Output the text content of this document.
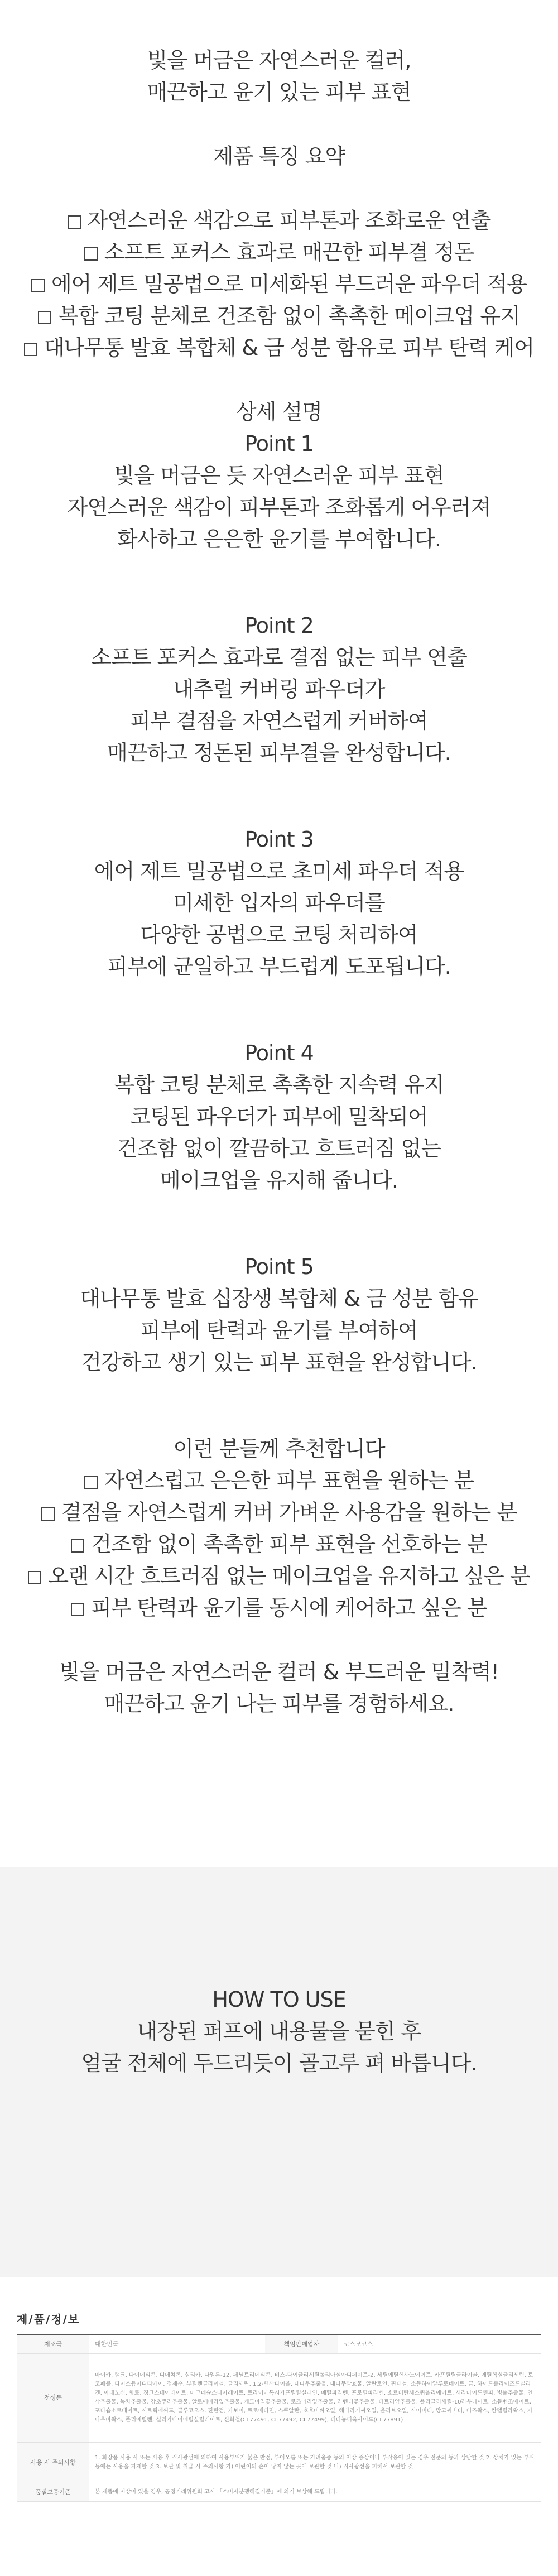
빛을 머금은 자연스러운 컬러,
매끈하고 윤기 있는 피부 표현
제품 특징 요약
자연스러운 색감으로 피부톤과 조화로운 연출
소프트 포커스 효과로 매끈한 피부결 정돈
에어 제트 밀공법으로 미세화된 부드러운 파우더 적용
복합 코팅 분체로 건조함 없이 촉촉한 메이크업 유지
대나무통 발효 복합체 & 금 성분 함유로 피부 탄력 케어
상세 설명
Point 1
빛을 머금은 듯 자연스러운 피부 표현
자연스러운 색감이 피부톤과 조화롭게 어우러져
화사하고 은은한 윤기를 부여합니다.
Point 2
소프트 포커스 효과로 결점 없는 피부 연출
내추럴 커버링 파우더가
피부 결점을 자연스럽게 커버하여
매끈하고 정돈된 피부결을 완성합니다.
Point 3
에어 제트 밀공법으로 초미세 파우더 적용
미세한 입자의 파우더를
다양한 공법으로 코팅 처리하여
피부에 균일하고 부드럽게 도포됩니다.
Point 4
복합 코팅 분체로 촉촉한 지속력 유지
코팅된 파우더가 피부에 밀착되어
건조함 없이 깔끔하고 흐트러짐 없는
메이크업을 유지해 줍니다.
Point 5
대나무통 발효 십장생 복합체 & 금 성분 함유
피부에 탄력과 윤기를 부여하여
건강하고 생기 있는 피부 표현을 완성합니다.
이런 분들께 추천합니다
자연스럽고 은은한 피부 표현을 원하는 분
결점을 자연스럽게 커버 가벼운 사용감을 원하는 분
건조함 없이 촉촉한 피부 표현을 선호하는 분
오랜 시간 흐트러짐 없는 메이크업을 유지하고 싶은 분
피부 탄력과 윤기를 동시에 케어하고 싶은 분
빛을 머금은 자연스러운 컬러 & 부드러운 밀착력!
매끈하고 윤기 나는 피부를 경험하세요.
HOW TO USE
내장된 퍼프에 내용물을 묻힌 후
얼굴 전체에 두드리듯이 골고루 펴 바릅니다.
제/품/정/보
제조국	대한민국	책임판매업자	코스모코스
전성분	마이카, 탤크, 다이메티콘, 디메치콘, 실리카, 나일론-12, 페닐트리메티콘, 비스-다이글리세릴폴리아실아디페이트-2, 세틸에틸헥사노에이트, 카프릴릴글라이콜, 에틸헥실글리세린, 토코페롤, 다이소듐이디티에이, 정제수, 부틸렌글라이콜, 글리세린, 1,2-헥산다이올, 대나무추출물, 대나무발효물, 알란토인, 판테놀, 소듐하이알루로네이트, 금, 하이드롤라이즈드콜라겐, 아데노신, 향료, 징크스테아레이트, 마그네슘스테아레이트, 트라이에톡시카프릴릴실레인, 메틸파라벤, 프로필파라벤, 소르비탄세스퀴올리에이트, 세라마이드엔피, 병풀추출물, 인삼추출물, 녹차추출물, 감초뿌리추출물, 알로에베라잎추출물, 캐모마일꽃추출물, 로즈마리잎추출물, 라벤더꽃추출물, 티트리잎추출물, 폴리글리세릴-10라우레이트, 소듐벤조에이트, 포타슘소르베이트, 시트릭애씨드, 글루코오스, 잔탄검, 카보머, 트로메타민, 스쿠알란, 호호바씨오일, 해바라기씨오일, 올리브오일, 시어버터, 망고씨버터, 비즈왁스, 칸델릴라왁스, 카나우바왁스, 폴리에틸렌, 실리카다이메틸실릴레이트, 산화철(CI 77491, CI 77492, CI 77499), 티타늄디옥사이드(CI 77891)		
사용 시 주의사항	1. 화장품 사용 시 또는 사용 후 직사광선에 의하여 사용부위가 붉은 반점, 부어오름 또는 가려움증 등의 이상 증상이나 부작용이 있는 경우 전문의 등과 상담할 것 2. 상처가 있는 부위 등에는 사용을 자제할 것 3. 보관 및 취급 시 주의사항 가) 어린이의 손이 닿지 않는 곳에 보관할 것 나) 직사광선을 피해서 보관할 것		
품질보증기준	본 제품에 이상이 있을 경우, 공정거래위원회 고시 「소비자분쟁해결기준」에 의거 보상해 드립니다.		
